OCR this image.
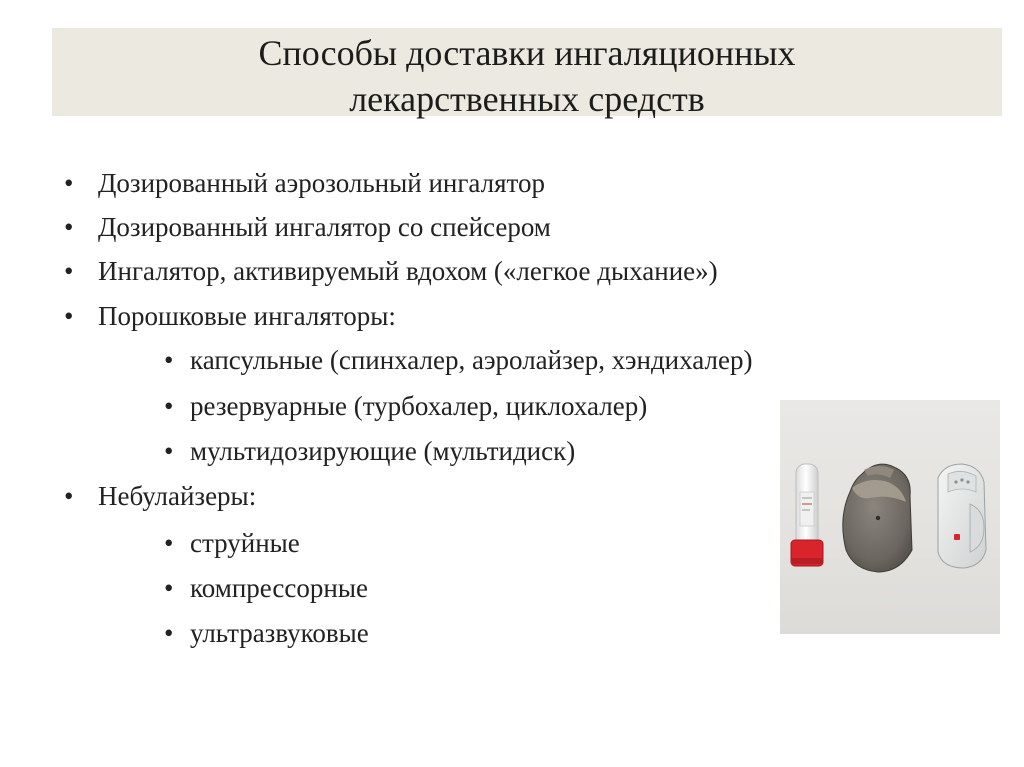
Способы доставки ингаляционных
лекарственных средств
• Дозированный аэрозольный ингалятор
• Дозированный ингалятор со спейсером
• Ингалятор, активируемый вдохом («легкое дыхание»)
• Порошковые ингаляторы:
• капсульные (спинхалер, аэролайзер, хэндихалер)
• резервуарные (турбохалер, циклохалер)
• мультидозирующие (мультидиск)
• Небулайзеры:
• струйные
• компрессорные
• ультразвуковые
